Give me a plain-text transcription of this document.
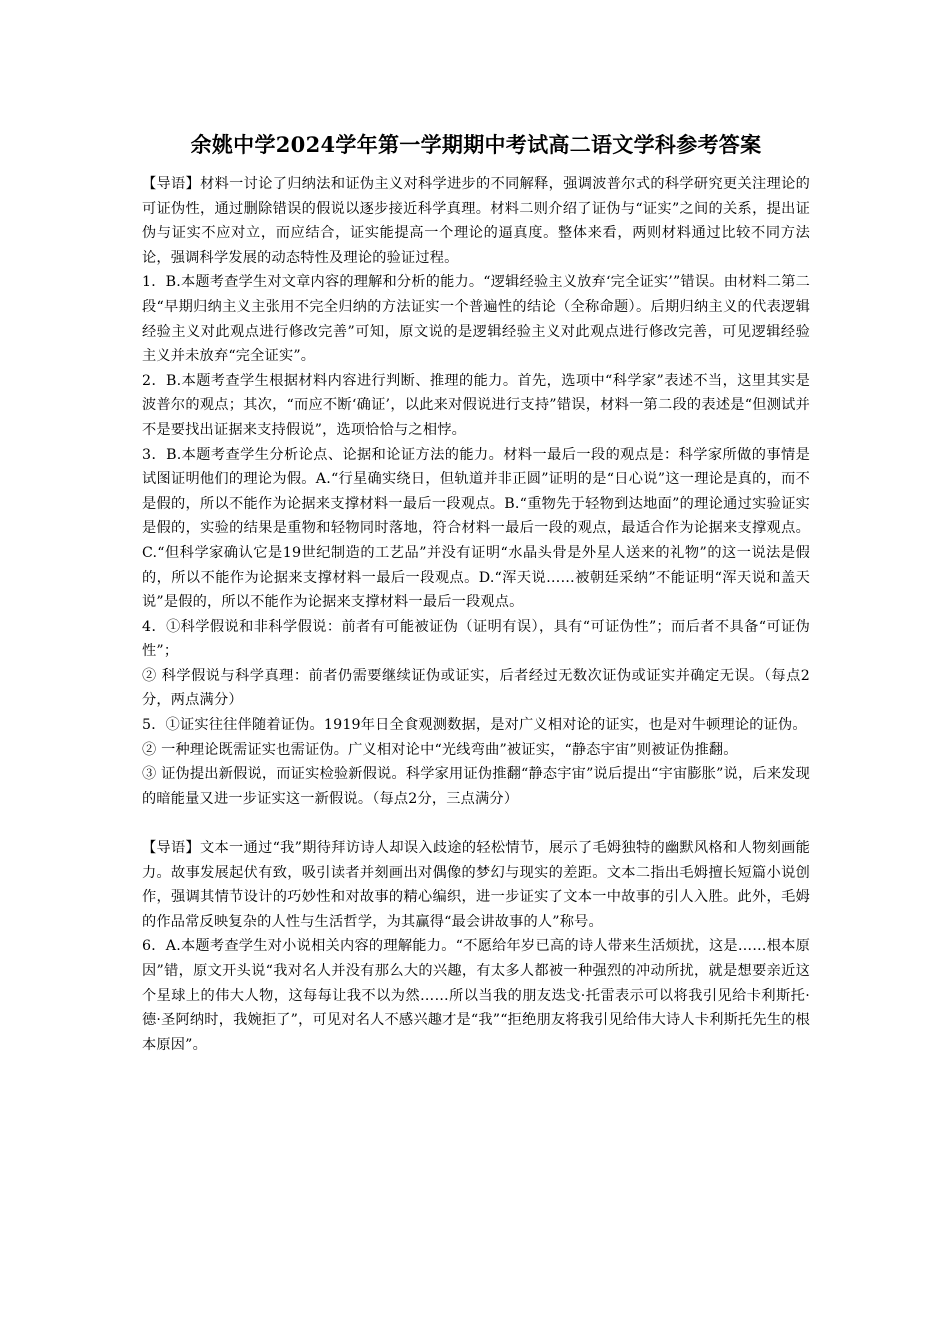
余姚中学2024学年第一学期期中考试高二语文学科参考答案

【导语】材料一讨论了归纳法和证伪主义对科学进步的不同解释，强调波普尔式的科学研究更关注理论的可证伪性，通过删除错误的假说以逐步接近科学真理。材料二则介绍了证伪与“证实”之间的关系，提出证伪与证实不应对立，而应结合，证实能提高一个理论的逼真度。整体来看，两则材料通过比较不同方法论，强调科学发展的动态特性及理论的验证过程。

1．B.本题考查学生对文章内容的理解和分析的能力。“逻辑经验主义放弃‘完全证实’”错误。由材料二第二段“早期归纳主义主张用不完全归纳的方法证实一个普遍性的结论（全称命题）。后期归纳主义的代表逻辑经验主义对此观点进行修改完善”可知，原文说的是逻辑经验主义对此观点进行修改完善，可见逻辑经验主义并未放弃“完全证实”。

2．B.本题考查学生根据材料内容进行判断、推理的能力。首先，选项中“科学家”表述不当，这里其实是波普尔的观点；其次，“而应不断‘确证’，以此来对假说进行支持”错误，材料一第二段的表述是“但测试并不是要找出证据来支持假说”，选项恰恰与之相悖。

3．B.本题考查学生分析论点、论据和论证方法的能力。材料一最后一段的观点是：科学家所做的事情是试图证明他们的理论为假。A.“行星确实绕日，但轨道并非正圆”证明的是“日心说”这一理论是真的，而不是假的，所以不能作为论据来支撑材料一最后一段观点。B.“重物先于轻物到达地面”的理论通过实验证实是假的，实验的结果是重物和轻物同时落地，符合材料一最后一段的观点，最适合作为论据来支撑观点。C.“但科学家确认它是19世纪制造的工艺品”并没有证明“水晶头骨是外星人送来的礼物”的这一说法是假的，所以不能作为论据来支撑材料一最后一段观点。D.“浑天说……被朝廷采纳”不能证明“浑天说和盖天说”是假的，所以不能作为论据来支撑材料一最后一段观点。

4．①科学假说和非科学假说：前者有可能被证伪（证明有误），具有“可证伪性”；而后者不具备“可证伪性”；

② 科学假说与科学真理：前者仍需要继续证伪或证实，后者经过无数次证伪或证实并确定无误。（每点2分，两点满分）

5．①证实往往伴随着证伪。1919年日全食观测数据，是对广义相对论的证实，也是对牛顿理论的证伪。

② 一种理论既需证实也需证伪。广义相对论中“光线弯曲”被证实，“静态宇宙”则被证伪推翻。

③ 证伪提出新假说，而证实检验新假说。科学家用证伪推翻“静态宇宙”说后提出“宇宙膨胀”说，后来发现的暗能量又进一步证实这一新假说。（每点2分，三点满分）

【导语】文本一通过“我”期待拜访诗人却误入歧途的轻松情节，展示了毛姆独特的幽默风格和人物刻画能力。故事发展起伏有致，吸引读者并刻画出对偶像的梦幻与现实的差距。文本二指出毛姆擅长短篇小说创作，强调其情节设计的巧妙性和对故事的精心编织，进一步证实了文本一中故事的引人入胜。此外，毛姆的作品常反映复杂的人性与生活哲学，为其赢得“最会讲故事的人”称号。

6．A.本题考查学生对小说相关内容的理解能力。“不愿给年岁已高的诗人带来生活烦扰，这是……根本原因”错，原文开头说“我对名人并没有那么大的兴趣，有太多人都被一种强烈的冲动所扰，就是想要亲近这个星球上的伟大人物，这每每让我不以为然……所以当我的朋友迭戈·托雷表示可以将我引见给卡利斯托·德·圣阿纳时，我婉拒了”，可见对名人不感兴趣才是“我”“拒绝朋友将我引见给伟大诗人卡利斯托先生的根本原因”。
